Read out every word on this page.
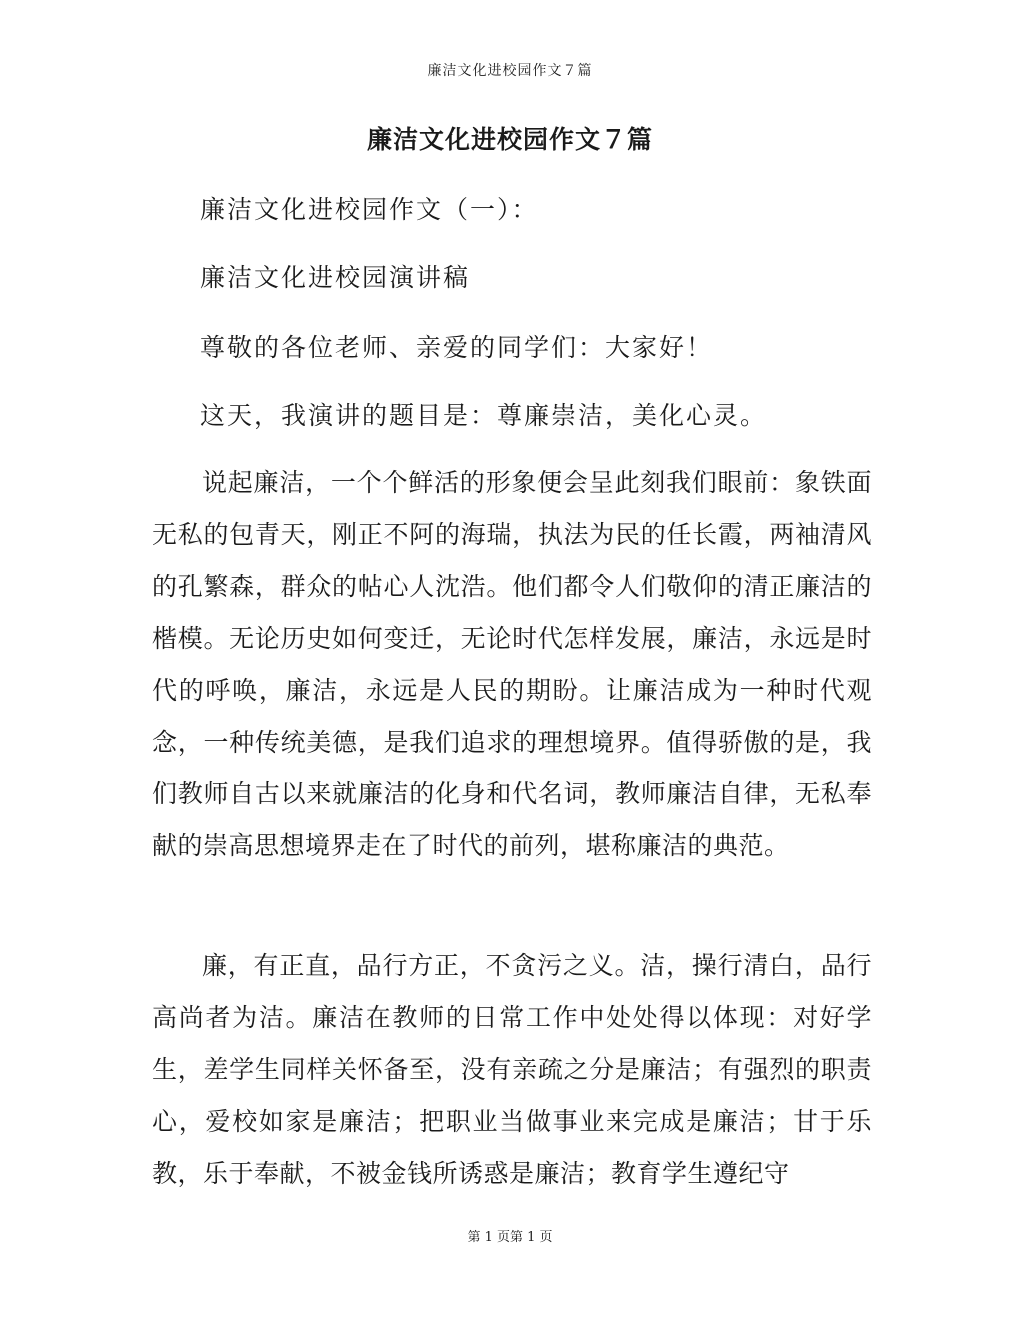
廉洁文化进校园作文７篇
廉洁文化进校园作文７篇
廉洁文化进校园作文（一）：
廉洁文化进校园演讲稿
尊敬的各位老师、亲爱的同学们：大家好！
这天，我演讲的题目是：尊廉崇洁，美化心灵。
说起廉洁，一个个鲜活的形象便会呈此刻我们眼前：象铁面无私的包青天，刚正不阿的海瑞，执法为民的任长霞，两袖清风的孔繁森，群众的帖心人沈浩。他们都令人们敬仰的清正廉洁的楷模。无论历史如何变迁，无论时代怎样发展，廉洁，永远是时代的呼唤，廉洁，永远是人民的期盼。让廉洁成为一种时代观念，一种传统美德，是我们追求的理想境界。值得骄傲的是，我们教师自古以来就廉洁的化身和代名词，教师廉洁自律，无私奉献的崇高思想境界走在了时代的前列，堪称廉洁的典范。
廉，有正直，品行方正，不贪污之义。洁，操行清白，品行高尚者为洁。廉洁在教师的日常工作中处处得以体现：对好学生，差学生同样关怀备至，没有亲疏之分是廉洁；有强烈的职责心，爱校如家是廉洁；把职业当做事业来完成是廉洁；甘于乐教，乐于奉献，不被金钱所诱惑是廉洁；教育学生遵纪守
第 1 页第 1 页
